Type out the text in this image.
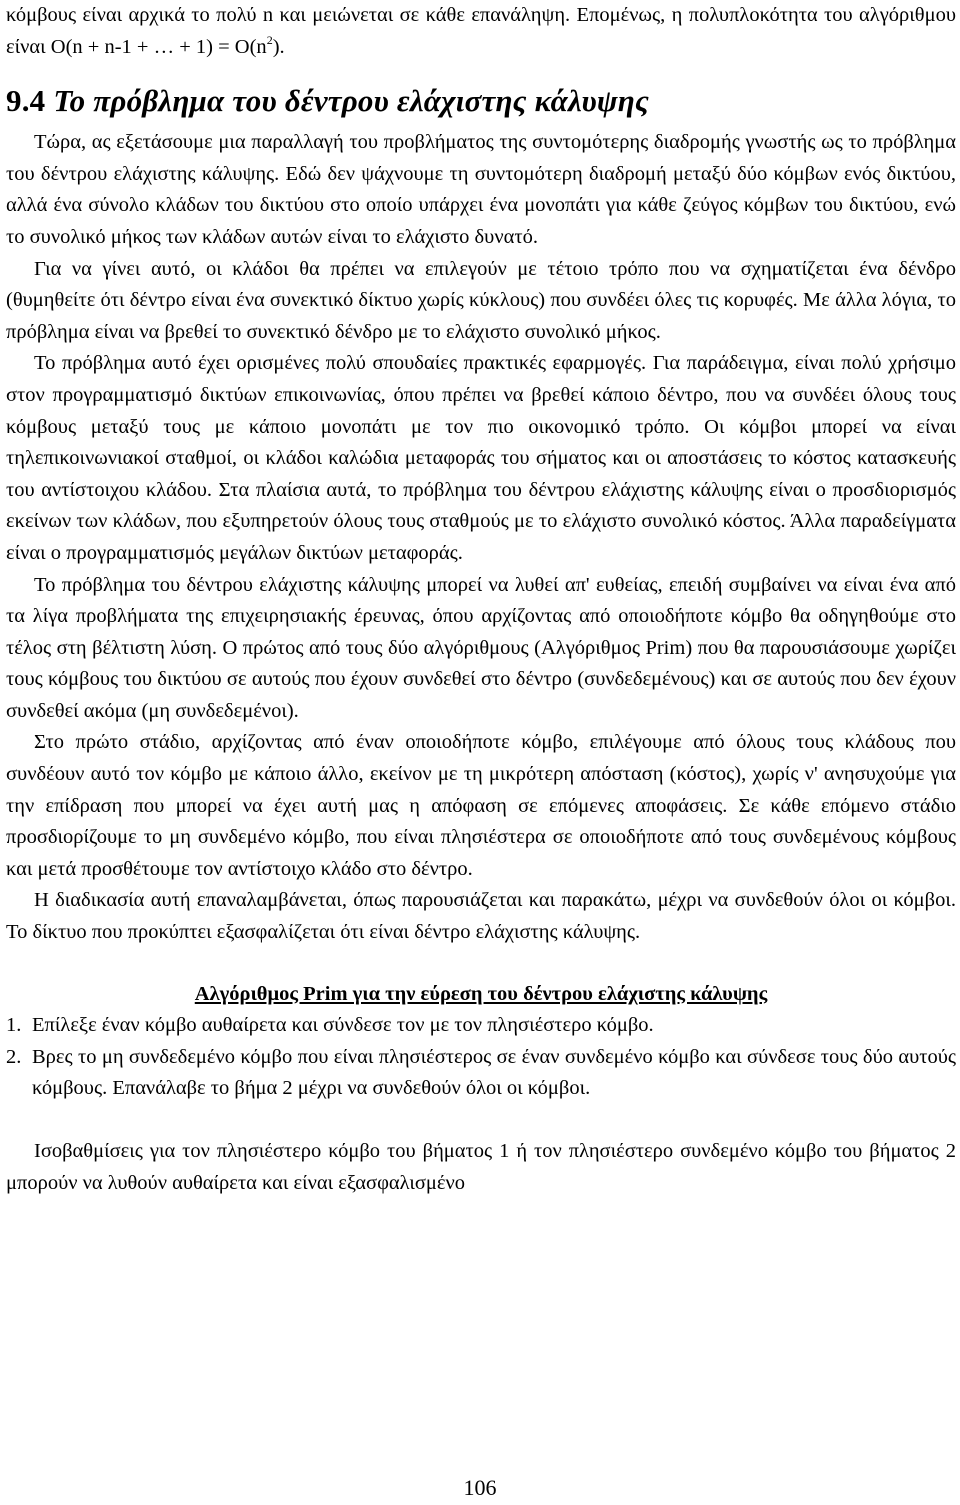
κόμβους είναι αρχικά το πολύ n και μειώνεται σε κάθε επανάληψη. Επομένως, η πολυπλοκότητα του αλγόριθμου είναι O(n + n-1 + … + $1) = O(n^2)$.

9.4 Το πρόβλημα του δέντρου ελάχιστης κάλυψης

Τώρα, ας εξετάσουμε μια παραλλαγή του προβλήματος της συντομότερης διαδρομής γνωστής ως το πρόβλημα του δέντρου ελάχιστης κάλυψης. Εδώ δεν ψάχνουμε τη συντομότερη διαδρομή μεταξύ δύο κόμβων ενός δικτύου, αλλά ένα σύνολο κλάδων του δικτύου στο οποίο υπάρχει ένα μονοπάτι για κάθε ζεύγος κόμβων του δικτύου, ενώ το συνολικό μήκος των κλάδων αυτών είναι το ελάχιστο δυνατό.

Για να γίνει αυτό, οι κλάδοι θα πρέπει να επιλεγούν με τέτοιο τρόπο που να σχηματίζεται ένα δένδρο (θυμηθείτε ότι δέντρο είναι ένα συνεκτικό δίκτυο χωρίς κύκλους) που συνδέει όλες τις κορυφές. Με άλλα λόγια, το πρόβλημα είναι να βρεθεί το συνεκτικό δένδρο με το ελάχιστο συνολικό μήκος.

Το πρόβλημα αυτό έχει ορισμένες πολύ σπουδαίες πρακτικές εφαρμογές. Για παράδειγμα, είναι πολύ χρήσιμο στον προγραμματισμό δικτύων επικοινωνίας, όπου πρέπει να βρεθεί κάποιο δέντρο, που να συνδέει όλους τους κόμβους μεταξύ τους με κάποιο μονοπάτι με τον πιο οικονομικό τρόπο. Οι κόμβοι μπορεί να είναι τηλεπικοινωνιακοί σταθμοί, οι κλάδοι καλώδια μεταφοράς του σήματος και οι αποστάσεις το κόστος κατασκευής του αντίστοιχου κλάδου. Στα πλαίσια αυτά, το πρόβλημα του δέντρου ελάχιστης κάλυψης είναι ο προσδιορισμός εκείνων των κλάδων, που εξυπηρετούν όλους τους σταθμούς με το ελάχιστο συνολικό κόστος. Άλλα παραδείγματα είναι ο προγραμματισμός μεγάλων δικτύων μεταφοράς.

Το πρόβλημα του δέντρου ελάχιστης κάλυψης μπορεί να λυθεί απ' ευθείας, επειδή συμβαίνει να είναι ένα από τα λίγα προβλήματα της επιχειρησιακής έρευνας, όπου αρχίζοντας από οποιοδήποτε κόμβο θα οδηγηθούμε στο τέλος στη βέλτιστη λύση. Ο πρώτος από τους δύο αλγόριθμους (Αλγόριθμος Prim) που θα παρουσιάσουμε χωρίζει τους κόμβους του δικτύου σε αυτούς που έχουν συνδεθεί στο δέντρο (συνδεδεμένους) και σε αυτούς που δεν έχουν συνδεθεί ακόμα (μη συνδεδεμένοι).

Στο πρώτο στάδιο, αρχίζοντας από έναν οποιοδήποτε κόμβο, επιλέγουμε από όλους τους κλάδους που συνδέουν αυτό τον κόμβο με κάποιο άλλο, εκείνον με τη μικρότερη απόσταση (κόστος), χωρίς ν' ανησυχούμε για την επίδραση που μπορεί να έχει αυτή μας η απόφαση σε επόμενες αποφάσεις. Σε κάθε επόμενο στάδιο προσδιορίζουμε το μη συνδεμένο κόμβο, που είναι πλησιέστερα σε οποιοδήποτε από τους συνδεμένους κόμβους και μετά προσθέτουμε τον αντίστοιχο κλάδο στο δέντρο.

Η διαδικασία αυτή επαναλαμβάνεται, όπως παρουσιάζεται και παρακάτω, μέχρι να συνδεθούν όλοι οι κόμβοι. Το δίκτυο που προκύπτει εξασφαλίζεται ότι είναι δέντρο ελάχιστης κάλυψης.

Αλγόριθμος Prim για την εύρεση του δέντρου ελάχιστης κάλυψης
1. Επίλεξε έναν κόμβο αυθαίρετα και σύνδεσε τον με τον πλησιέστερο κόμβο.
2. Βρες το μη συνδεδεμένο κόμβο που είναι πλησιέστερος σε έναν συνδεμένο κόμβο και σύνδεσε τους δύο αυτούς κόμβους. Επανάλαβε το βήμα 2 μέχρι να συνδεθούν όλοι οι κόμβοι.

Ισοβαθμίσεις για τον πλησιέστερο κόμβο του βήματος 1 ή τον πλησιέστερο συνδεμένο κόμβο του βήματος 2 μπορούν να λυθούν αυθαίρετα και είναι εξασφαλισμένο

106
